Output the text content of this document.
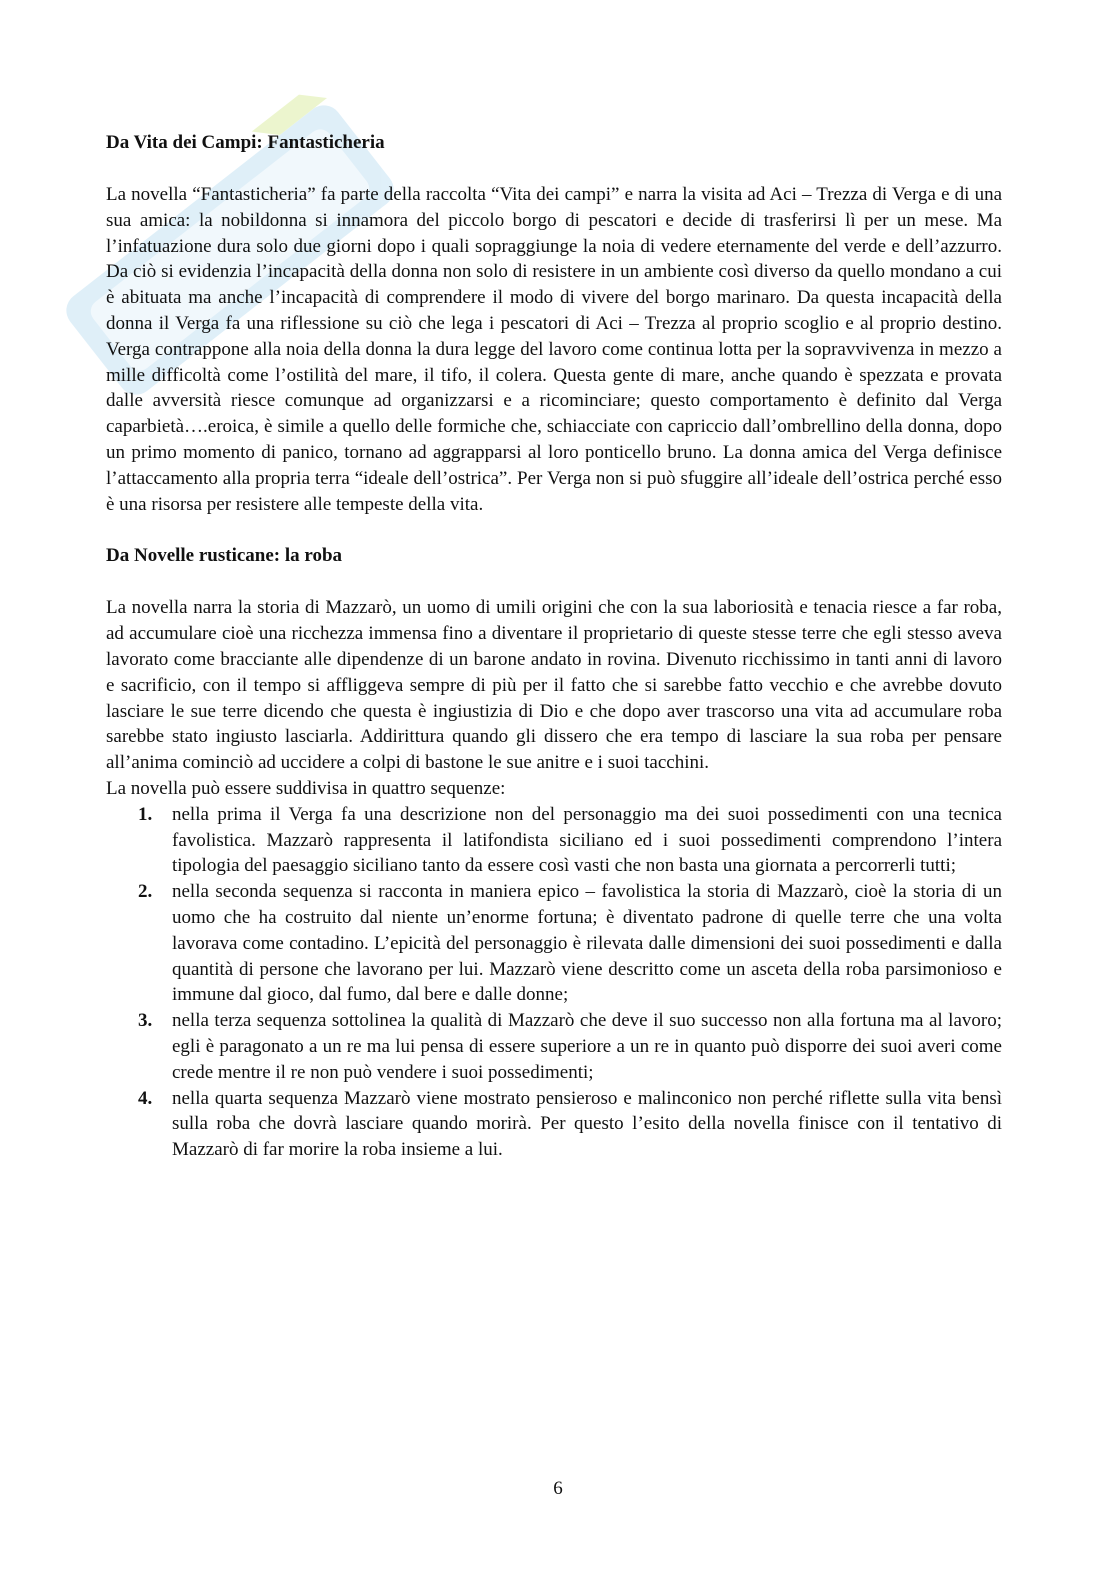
Da Vita dei Campi: Fantasticheria

La novella “Fantasticheria” fa parte della raccolta “Vita dei campi” e narra la visita ad Aci – Trezza di Verga e di una sua amica: la nobildonna si innamora del piccolo borgo di pescatori e decide di trasferirsi lì per un mese. Ma l’infatuazione dura solo due giorni dopo i quali sopraggiunge la noia di vedere eternamente del verde e dell’azzurro. Da ciò si evidenzia l’incapacità della donna non solo di resistere in un ambiente così diverso da quello mondano a cui è abituata ma anche l’incapacità di comprendere il modo di vivere del borgo marinaro. Da questa incapacità della donna il Verga fa una riflessione su ciò che lega i pescatori di Aci – Trezza al proprio scoglio e al proprio destino. Verga contrappone alla noia della donna la dura legge del lavoro come continua lotta per la sopravvivenza in mezzo a mille difficoltà come l’ostilità del mare, il tifo, il colera. Questa gente di mare, anche quando è spezzata e provata dalle avversità riesce comunque ad organizzarsi e a ricominciare; questo comportamento è definito dal Verga caparbietà….eroica, è simile a quello delle formiche che, schiacciate con capriccio dall’ombrellino della donna, dopo un primo momento di panico, tornano ad aggrapparsi al loro ponticello bruno. La donna amica del Verga definisce l’attaccamento alla propria terra “ideale dell’ostrica”. Per Verga non si può sfuggire all’ideale dell’ostrica perché esso è una risorsa per resistere alle tempeste della vita.

Da Novelle rusticane: la roba

La novella narra la storia di Mazzarò, un uomo di umili origini che con la sua laboriosità e tenacia riesce a far roba, ad accumulare cioè una ricchezza immensa fino a diventare il proprietario di queste stesse terre che egli stesso aveva lavorato come bracciante alle dipendenze di un barone andato in rovina. Divenuto ricchissimo in tanti anni di lavoro e sacrificio, con il tempo si affliggeva sempre di più per il fatto che si sarebbe fatto vecchio e che avrebbe dovuto lasciare le sue terre dicendo che questa è ingiustizia di Dio e che dopo aver trascorso una vita ad accumulare roba sarebbe stato ingiusto lasciarla. Addirittura quando gli dissero che era tempo di lasciare la sua roba per pensare all’anima cominciò ad uccidere a colpi di bastone le sue anitre e i suoi tacchini.

La novella può essere suddivisa in quattro sequenze:

1. nella prima il Verga fa una descrizione non del personaggio ma dei suoi possedimenti con una tecnica favolistica. Mazzarò rappresenta il latifondista siciliano ed i suoi possedimenti comprendono l’intera tipologia del paesaggio siciliano tanto da essere così vasti che non basta una giornata a percorrerli tutti;
2. nella seconda sequenza si racconta in maniera epico – favolistica la storia di Mazzarò, cioè la storia di un uomo che ha costruito dal niente un’enorme fortuna; è diventato padrone di quelle terre che una volta lavorava come contadino. L’epicità del personaggio è rilevata dalle dimensioni dei suoi possedimenti e dalla quantità di persone che lavorano per lui. Mazzarò viene descritto come un asceta della roba parsimonioso e immune dal gioco, dal fumo, dal bere e dalle donne;
3. nella terza sequenza sottolinea la qualità di Mazzarò che deve il suo successo non alla fortuna ma al lavoro; egli è paragonato a un re ma lui pensa di essere superiore a un re in quanto può disporre dei suoi averi come crede mentre il re non può vendere i suoi possedimenti;
4. nella quarta sequenza Mazzarò viene mostrato pensieroso e malinconico non perché riflette sulla vita bensì sulla roba che dovrà lasciare quando morirà. Per questo l’esito della novella finisce con il tentativo di Mazzarò di far morire la roba insieme a lui.
6
